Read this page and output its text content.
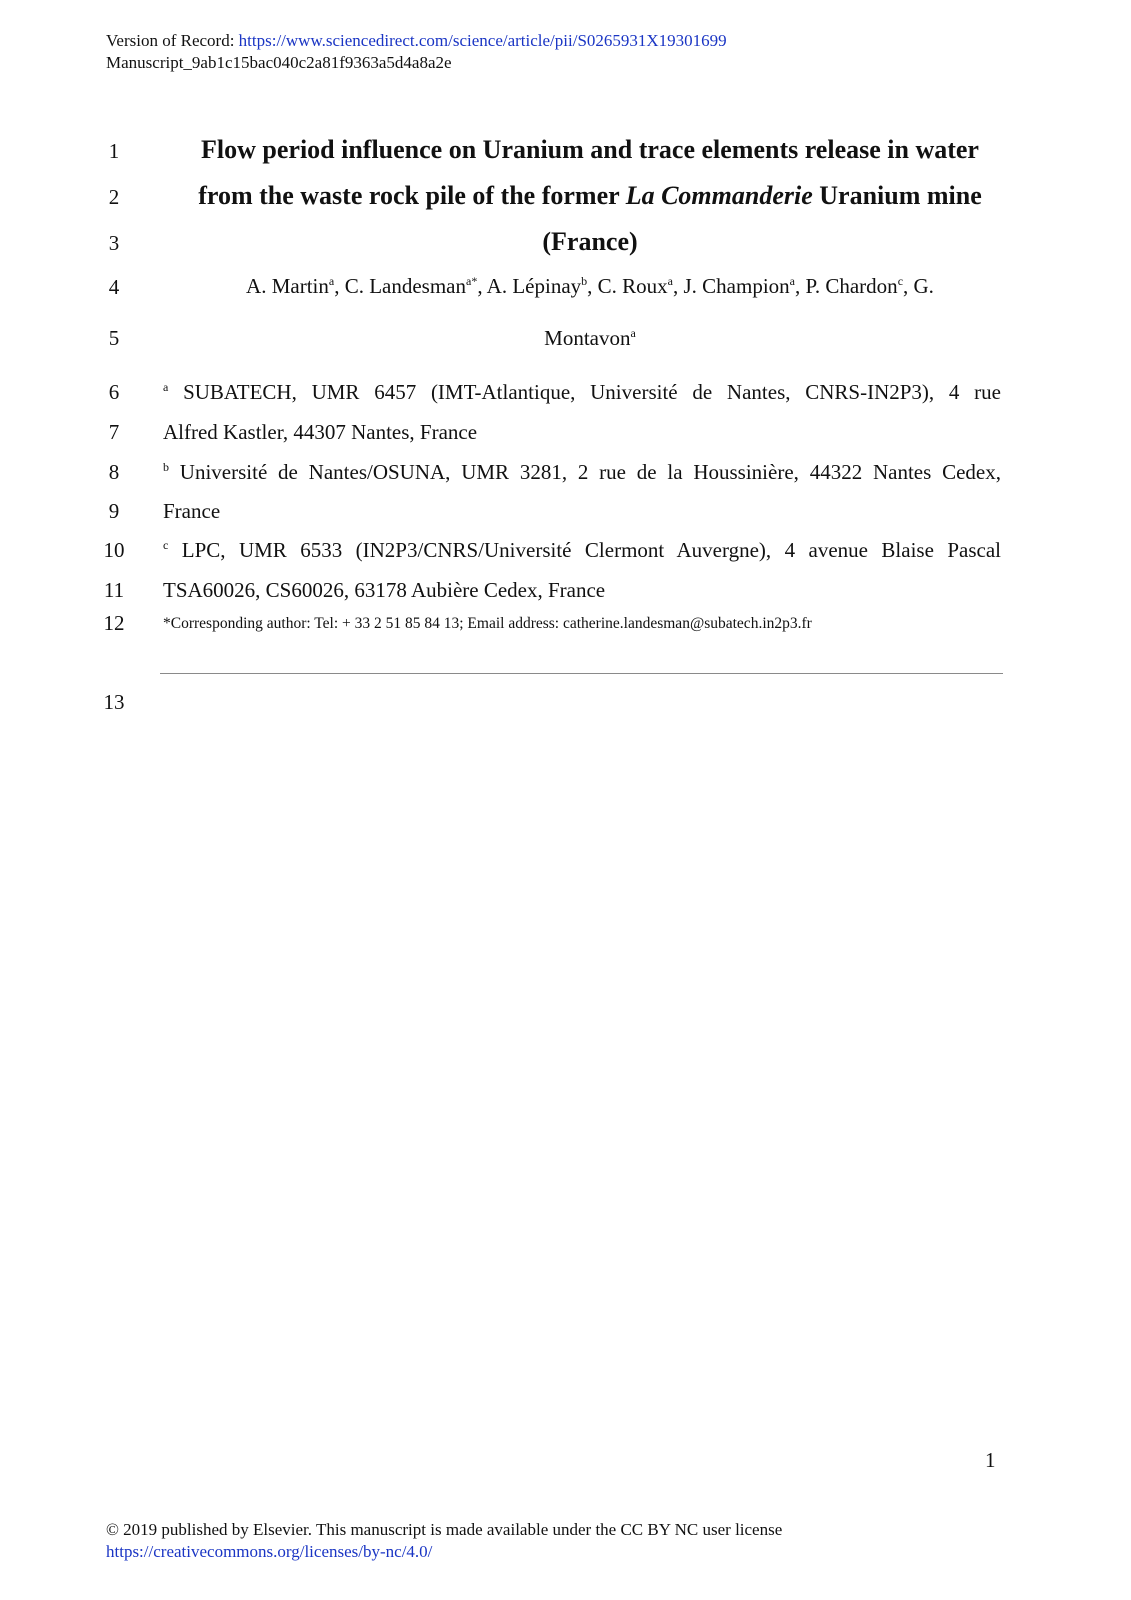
Version of Record: https://www.sciencedirect.com/science/article/pii/S0265931X19301699
Manuscript_9ab1c15bac040c2a81f9363a5d4a8a2e
1
2
3
4
5
6
7
8
9
10
11
12
13
Flow period influence on Uranium and trace elements release in water
from the waste rock pile of the former La Commanderie Uranium mine
(France)
A. Martin$^a$, C. Landesman$^{a*}$, A. Lépinay$^b$, C. Roux$^a$, J. Champion$^a$, P. Chardon$^c$, G.
Montavon$^a$
$^a$ SUBATECH, UMR 6457 (IMT-Atlantique, Université de Nantes, CNRS-IN2P3), 4 rue
Alfred Kastler, 44307 Nantes, France
$^b$ Université de Nantes/OSUNA, UMR 3281, 2 rue de la Houssinière, 44322 Nantes Cedex,
France
$^c$ LPC, UMR 6533 (IN2P3/CNRS/Université Clermont Auvergne), 4 avenue Blaise Pascal
TSA60026, CS60026, 63178 Aubière Cedex, France
*Corresponding author: Tel: + 33 2 51 85 84 13; Email address: catherine.landesman@subatech.in2p3.fr
1
© 2019 published by Elsevier. This manuscript is made available under the CC BY NC user license
https://creativecommons.org/licenses/by-nc/4.0/
